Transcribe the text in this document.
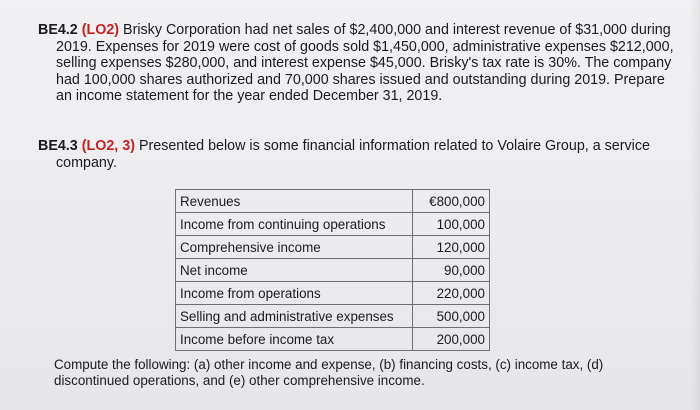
BE4.2 (LO2) Brisky Corporation had net sales of $2,400,000 and interest revenue of $31,000 during 2019. Expenses for 2019 were cost of goods sold $1,450,000, administrative expenses $212,000, selling expenses $280,000, and interest expense $45,000. Brisky's tax rate is 30%. The company had 100,000 shares authorized and 70,000 shares issued and outstanding during 2019. Prepare an income statement for the year ended December 31, 2019.

BE4.3 (LO2, 3) Presented below is some financial information related to Volaire Group, a service company.

Revenues	€800,000
Income from continuing operations	100,000
Comprehensive income	120,000
Net income	90,000
Income from operations	220,000
Selling and administrative expenses	500,000
Income before income tax	200,000

Compute the following: (a) other income and expense, (b) financing costs, (c) income tax, (d) discontinued operations, and (e) other comprehensive income.
